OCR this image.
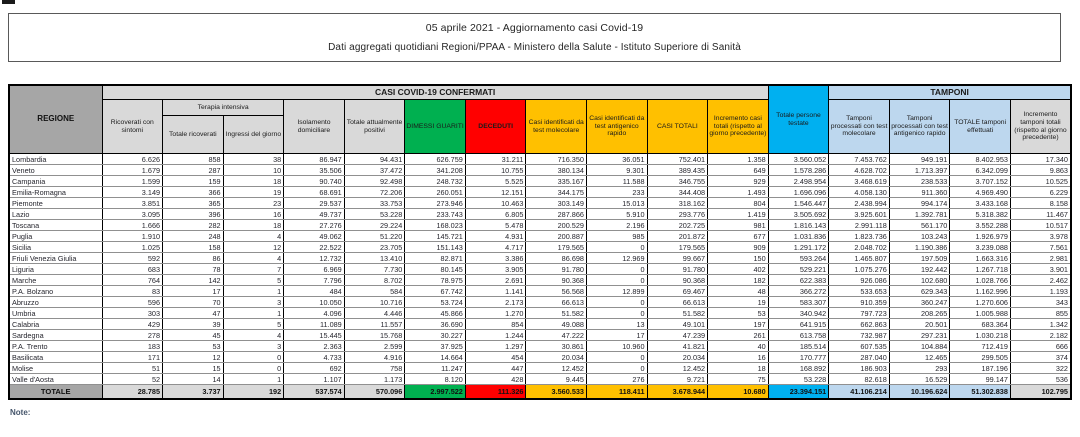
05 aprile 2021 - Aggiornamento casi Covid-19
Dati aggregati quotidiani Regioni/PPAA - Ministero della Salute - Istituto Superiore di Sanità
REGIONE	CASI COVID-19 CONFERMATI											Totale persone testate	TAMPONI			
	Ricoverati con sintomi	Terapia intensiva		Isolamento domiciliare	Totale attualmente positivi	DIMESSI GUARITI	DECEDUTI	Casi identificati da test molecolare	Casi identificati da test antigenico rapido	CASI TOTALI	Incremento casi totali (rispetto al giorno precedente)		Tamponi processati con test molecolare	Tamponi processati con test antigenico rapido	TOTALE tamponi effettuati	Incremento tamponi totali (rispetto al giorno precedente)
		Totale ricoverati	Ingressi del giorno													
Lombardia	6.626	858	38	86.947	94.431	626.759	31.211	716.350	36.051	752.401	1.358	3.560.052	7.453.762	949.191	8.402.953	17.340
Veneto	1.679	287	10	35.506	37.472	341.208	10.755	380.134	9.301	389.435	649	1.578.286	4.628.702	1.713.397	6.342.099	9.863
Campania	1.599	159	18	90.740	92.498	248.732	5.525	335.167	11.588	346.755	929	2.498.954	3.468.619	238.533	3.707.152	10.525
Emilia-Romagna	3.149	366	19	68.691	72.206	260.051	12.151	344.175	233	344.408	1.493	1.696.096	4.058.130	911.360	4.969.490	6.229
Piemonte	3.851	365	23	29.537	33.753	273.946	10.463	303.149	15.013	318.162	804	1.546.447	2.438.994	994.174	3.433.168	8.158
Lazio	3.095	396	16	49.737	53.228	233.743	6.805	287.866	5.910	293.776	1.419	3.505.692	3.925.601	1.392.781	5.318.382	11.467
Toscana	1.666	282	18	27.276	29.224	168.023	5.478	200.529	2.196	202.725	981	1.816.143	2.991.118	561.170	3.552.288	10.517
Puglia	1.910	248	4	49.062	51.220	145.721	4.931	200.887	985	201.872	677	1.031.836	1.823.736	103.243	1.926.979	3.978
Sicilia	1.025	158	12	22.522	23.705	151.143	4.717	179.565	0	179.565	909	1.291.172	2.048.702	1.190.386	3.239.088	7.561
Friuli Venezia Giulia	592	86	4	12.732	13.410	82.871	3.386	86.698	12.969	99.667	150	593.264	1.465.807	197.509	1.663.316	2.981
Liguria	683	78	7	6.969	7.730	80.145	3.905	91.780	0	91.780	402	529.221	1.075.276	192.442	1.267.718	3.901
Marche	764	142	5	7.796	8.702	78.975	2.691	90.368	0	90.368	182	622.383	926.086	102.680	1.028.766	2.462
P.A. Bolzano	83	17	1	484	584	67.742	1.141	56.568	12.899	69.467	48	366.272	533.653	629.343	1.162.996	1.193
Abruzzo	596	70	3	10.050	10.716	53.724	2.173	66.613	0	66.613	19	583.307	910.359	360.247	1.270.606	343
Umbria	303	47	1	4.096	4.446	45.866	1.270	51.582	0	51.582	53	340.942	797.723	208.265	1.005.988	855
Calabria	429	39	5	11.089	11.557	36.690	854	49.088	13	49.101	197	641.915	662.863	20.501	683.364	1.342
Sardegna	278	45	4	15.445	15.768	30.227	1.244	47.222	17	47.239	261	613.758	732.987	297.231	1.030.218	2.182
P.A. Trento	183	53	3	2.363	2.599	37.925	1.297	30.861	10.960	41.821	40	185.514	607.535	104.884	712.419	666
Basilicata	171	12	0	4.733	4.916	14.664	454	20.034	0	20.034	16	170.777	287.040	12.465	299.505	374
Molise	51	15	0	692	758	11.247	447	12.452	0	12.452	18	168.892	186.903	293	187.196	322
Valle d'Aosta	52	14	1	1.107	1.173	8.120	428	9.445	276	9.721	75	53.228	82.618	16.529	99.147	536
TOTALE	28.785	3.737	192	537.574	570.096	2.997.522	111.326	3.560.533	118.411	3.678.944	10.680	23.394.151	41.106.214	10.196.624	51.302.838	102.795
Note:
